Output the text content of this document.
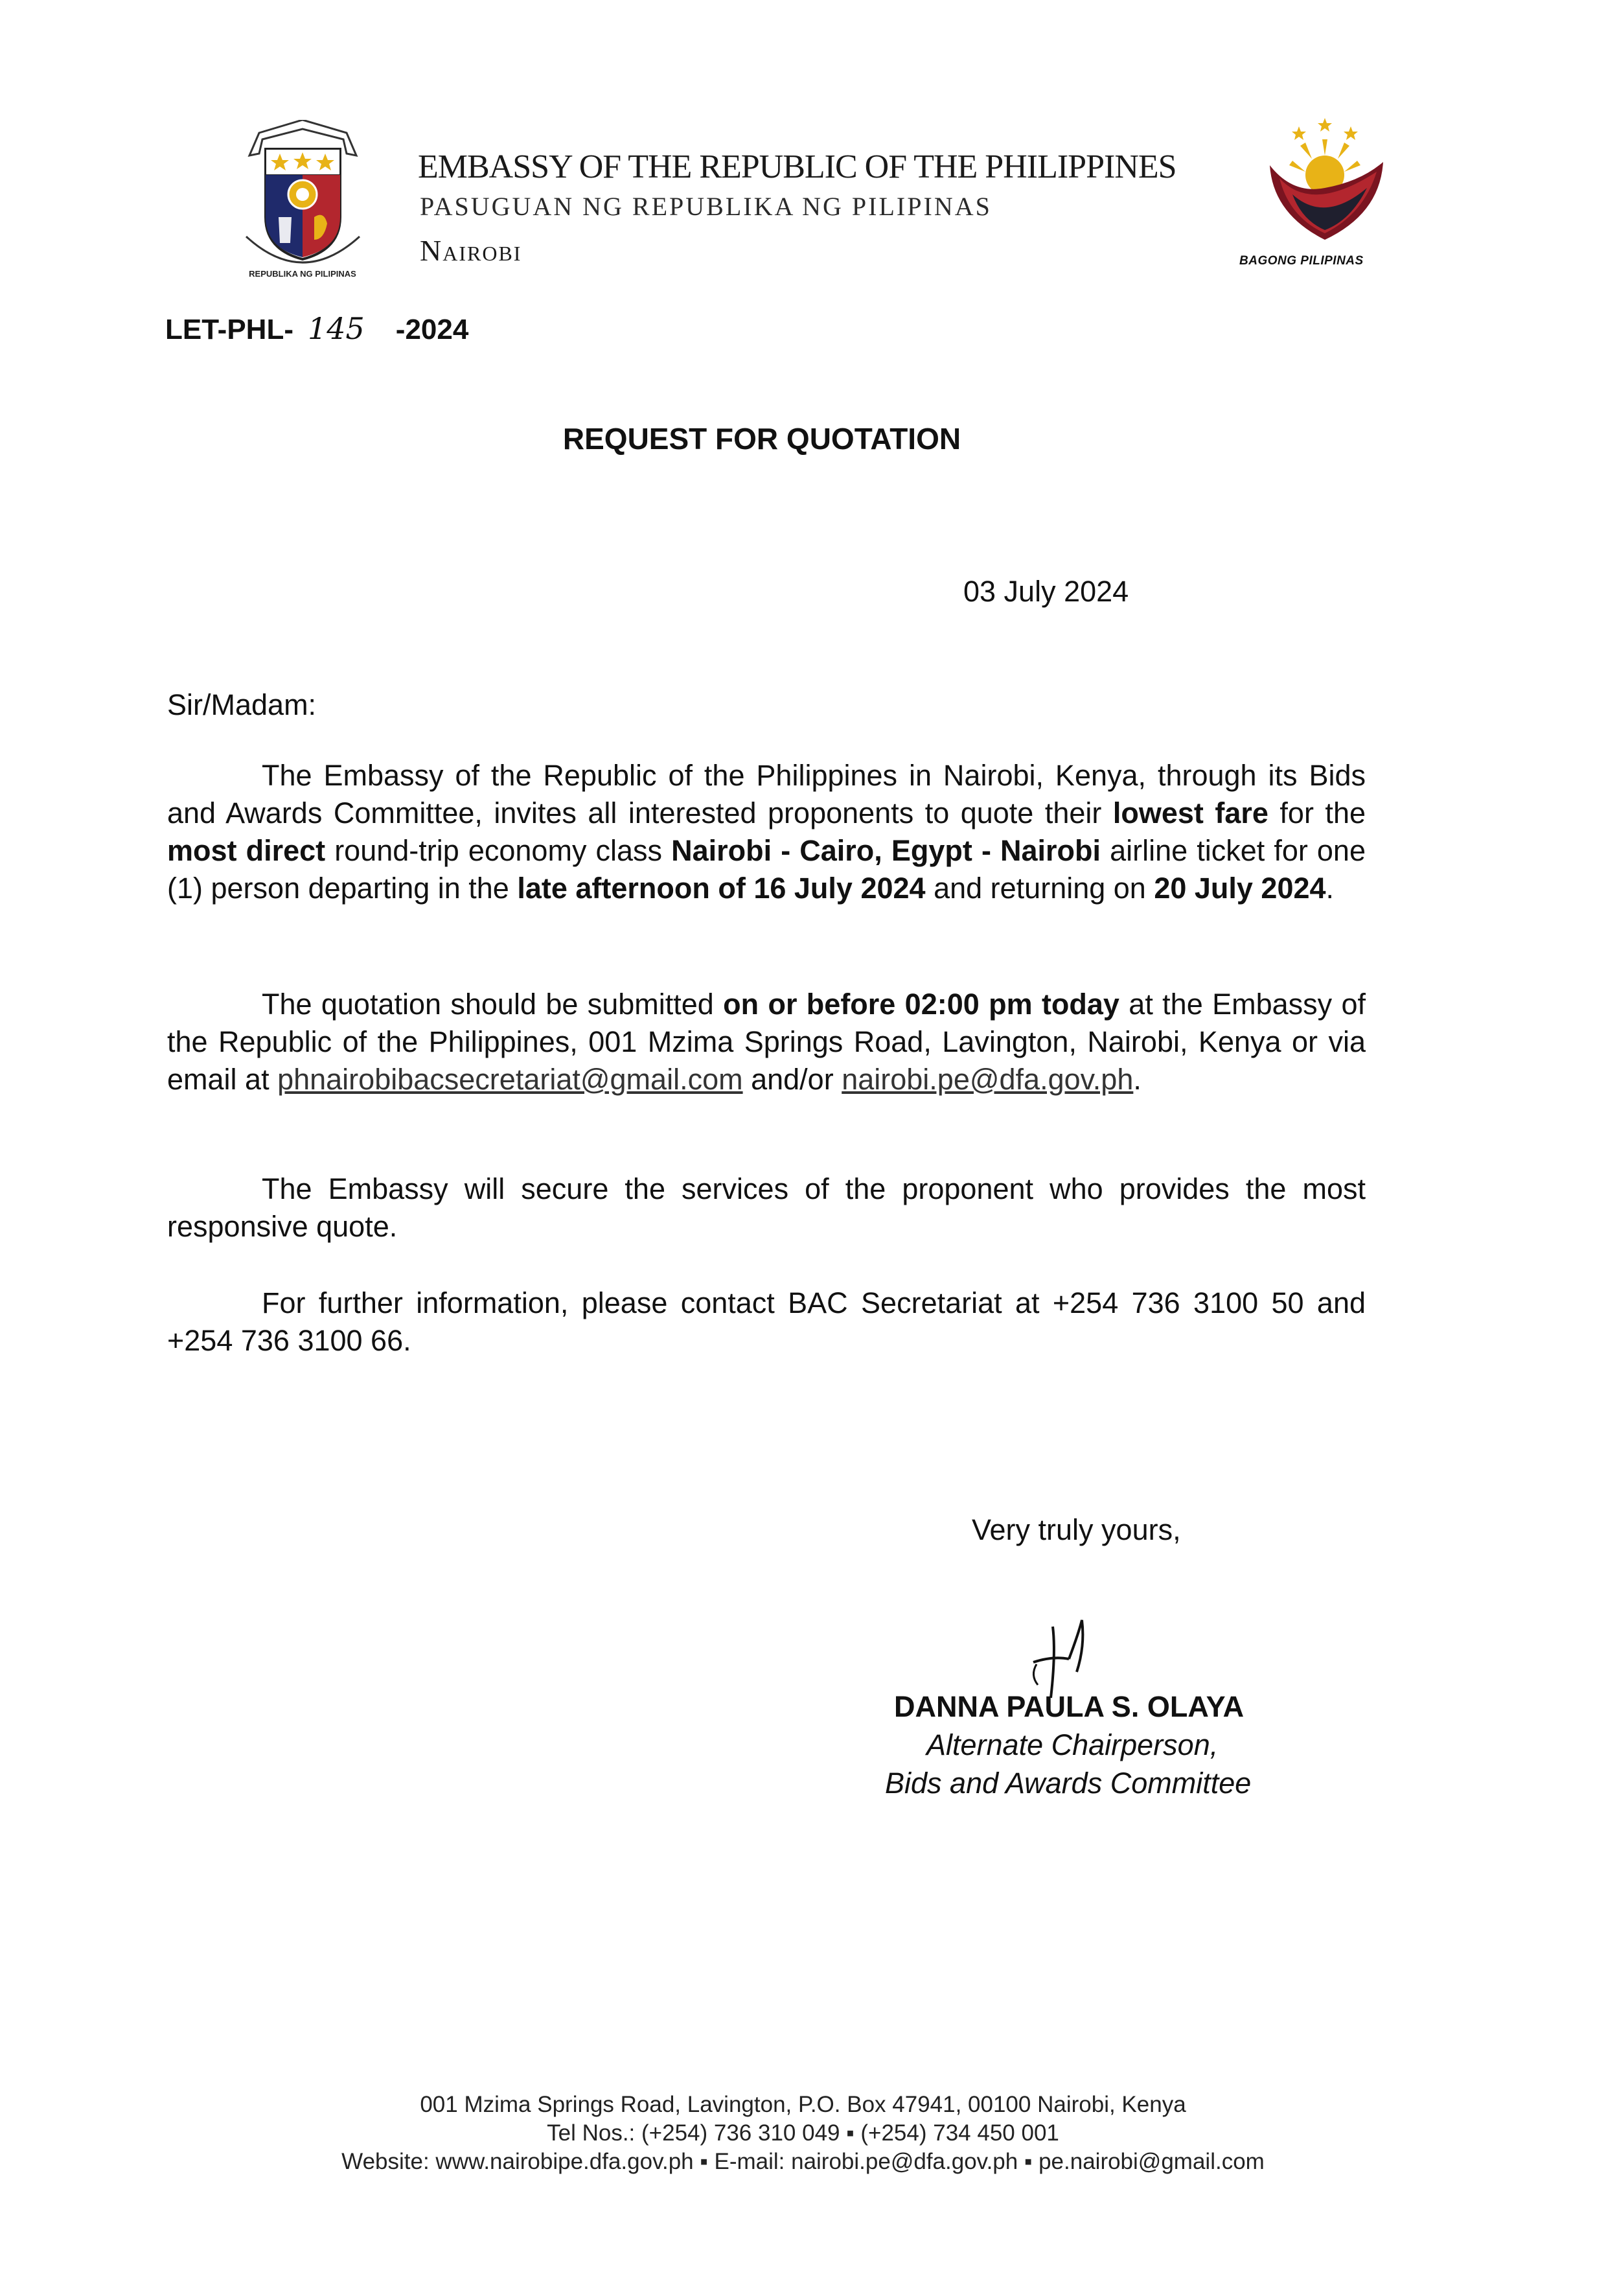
REPUBLIKA NG PILIPINAS
EMBASSY OF THE REPUBLIC OF THE PHILIPPINES
PASUGUAN NG REPUBLIKA NG PILIPINAS
Nairobi	BAGONG PILIPINAS
LET-PHL- 145 -2024
REQUEST FOR QUOTATION
03 July 2024
Sir/Madam:
The Embassy of the Republic of the Philippines in Nairobi, Kenya, through its Bids and Awards Committee, invites all interested proponents to quote their lowest fare for the most direct round-trip economy class Nairobi - Cairo, Egypt - Nairobi airline ticket for one (1) person departing in the late afternoon of 16 July 2024 and returning on 20 July 2024.
The quotation should be submitted on or before 02:00 pm today at the Embassy of the Republic of the Philippines, 001 Mzima Springs Road, Lavington, Nairobi, Kenya or via email at phnairobibacsecretariat@gmail.com and/or nairobi.pe@dfa.gov.ph.
The Embassy will secure the services of the proponent who provides the most responsive quote.
For further information, please contact BAC Secretariat at +254 736 3100 50 and +254 736 3100 66.
Very truly yours,
DANNA PAULA S. OLAYA
Alternate Chairperson,
Bids and Awards Committee
001 Mzima Springs Road, Lavington, P.O. Box 47941, 00100 Nairobi, Kenya
Tel Nos.: (+254) 736 310 049 ▪ (+254) 734 450 001
Website: www.nairobipe.dfa.gov.ph ▪ E-mail: nairobi.pe@dfa.gov.ph ▪ pe.nairobi@gmail.com
